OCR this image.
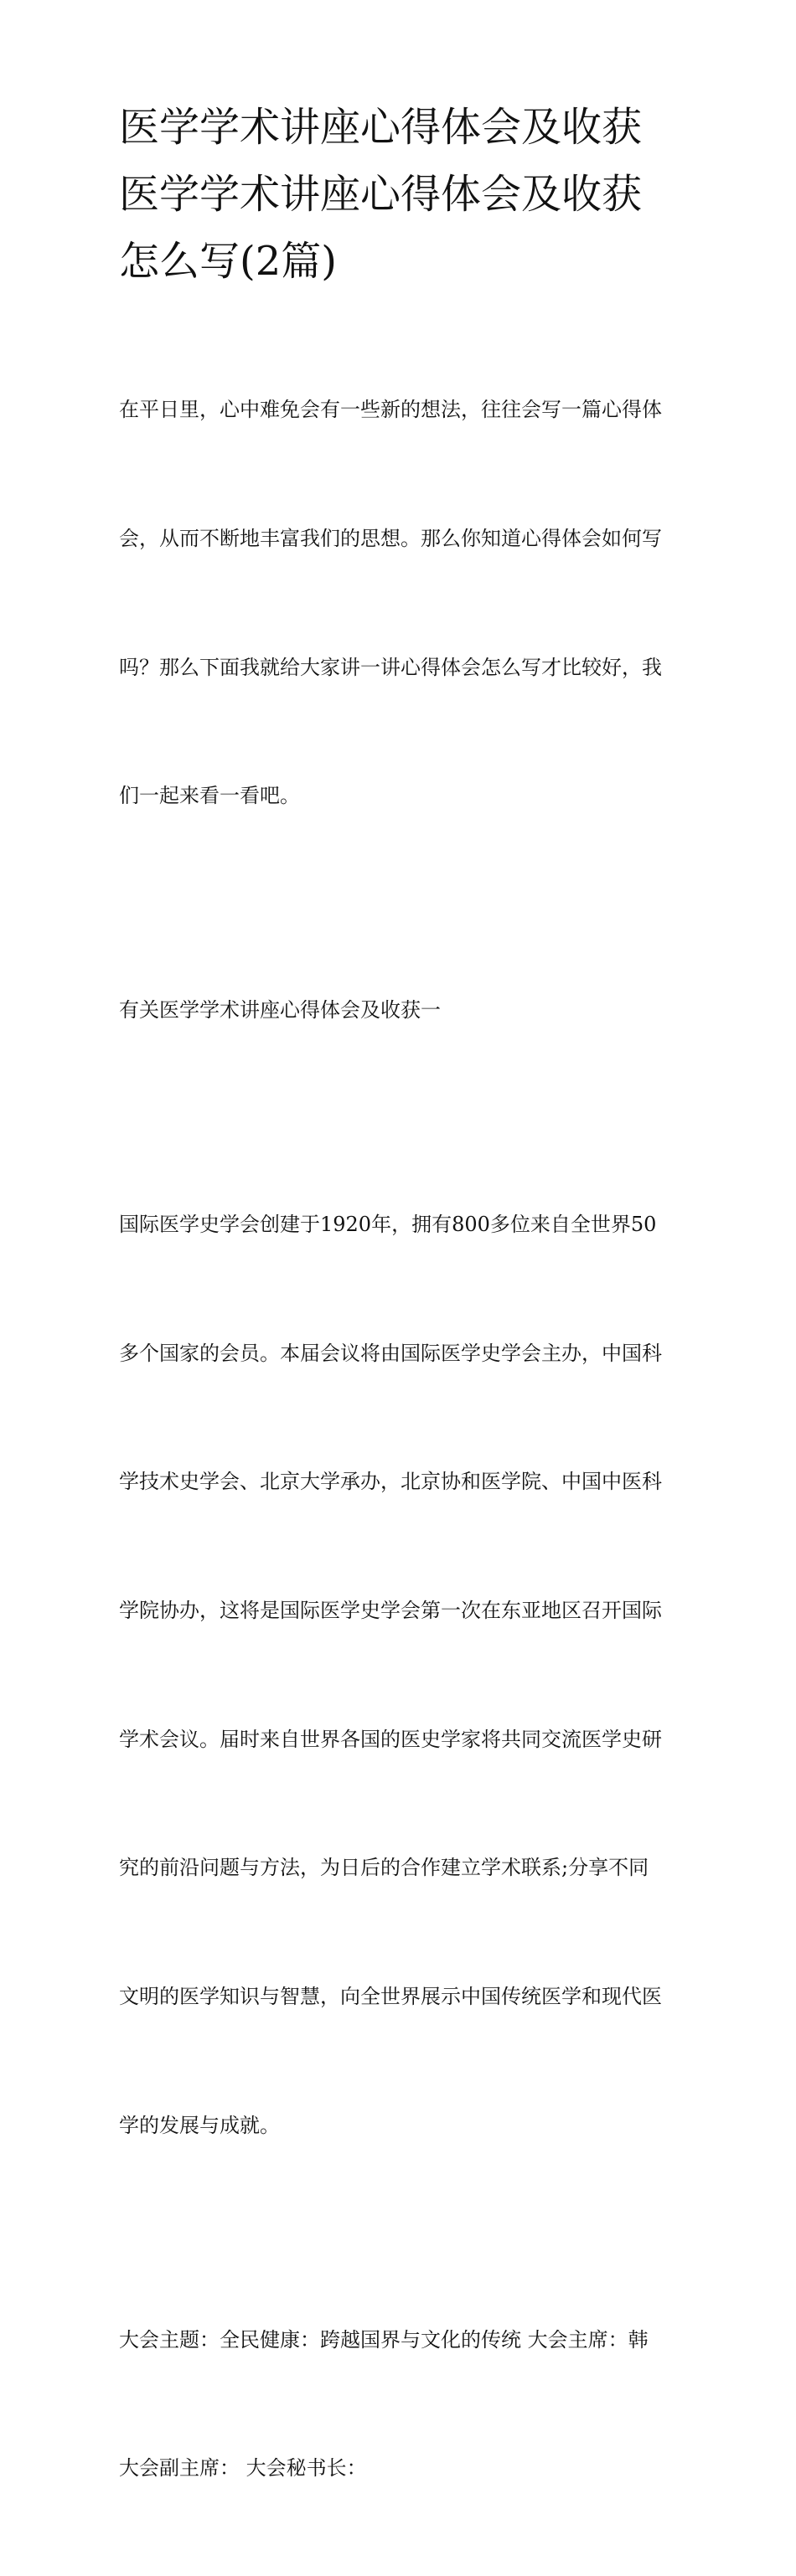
医学学术讲座心得体会及收获
医学学术讲座心得体会及收获
怎么写(2篇)

在平日里，心中难免会有一些新的想法，往往会写一篇心得体

会，从而不断地丰富我们的思想。那么你知道心得体会如何写

吗？那么下面我就给大家讲一讲心得体会怎么写才比较好，我

们一起来看一看吧。

有关医学学术讲座心得体会及收获一

国际医学史学会创建于1920年，拥有800多位来自全世界50

多个国家的会员。本届会议将由国际医学史学会主办，中国科

学技术史学会、北京大学承办，北京协和医学院、中国中医科

学院协办，这将是国际医学史学会第一次在东亚地区召开国际

学术会议。届时来自世界各国的医史学家将共同交流医学史研

究的前沿问题与方法，为日后的合作建立学术联系;分享不同

文明的医学知识与智慧，向全世界展示中国传统医学和现代医

学的发展与成就。

大会主题：全民健康：跨越国界与文化的传统 大会主席：韩

大会副主席： 大会秘书长：
